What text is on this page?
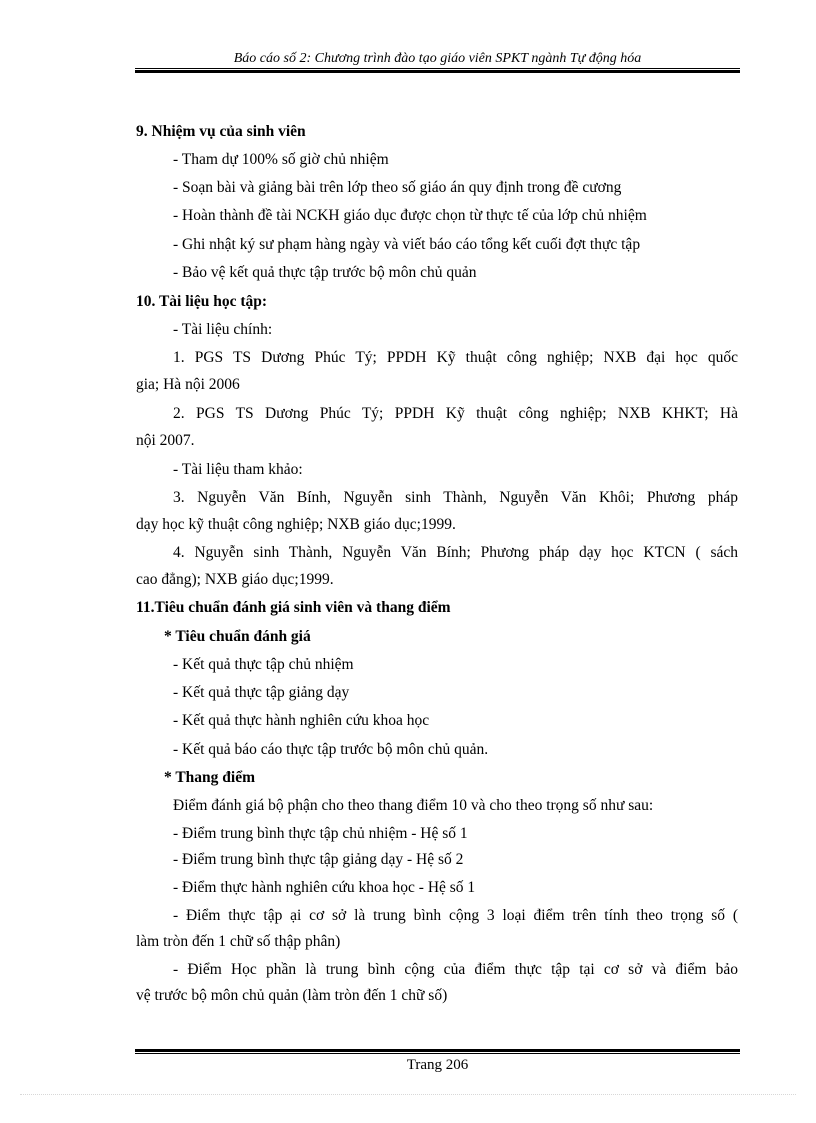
Báo cáo số 2: Chương trình đào tạo giáo viên SPKT ngành Tự động hóa
9. Nhiệm vụ của sinh viên
- Tham dự 100% số giờ chủ nhiệm
- Soạn bài và giảng bài trên lớp theo số giáo án quy định trong đề cương
- Hoàn thành đề tài NCKH giáo dục được chọn từ thực tế của lớp chủ nhiệm
- Ghi nhật ký sư phạm hàng ngày và viết báo cáo tổng kết cuối đợt thực tập
- Bảo vệ kết quả thực tập trước bộ môn chủ quản
10. Tài liệu học tập:
- Tài liệu chính:
1. PGS TS Dương Phúc Tý; PPDH Kỹ thuật công nghiệp; NXB đại học quốc
gia; Hà nội 2006
2. PGS TS Dương Phúc Tý; PPDH Kỹ thuật công nghiệp; NXB KHKT; Hà
nội 2007.
- Tài liệu tham khảo:
3. Nguyễn Văn Bính, Nguyễn sinh Thành, Nguyễn Văn Khôi; Phương pháp
dạy học kỹ thuật công nghiệp; NXB giáo dục;1999.
4. Nguyễn sinh Thành, Nguyễn Văn Bính; Phương pháp dạy học KTCN ( sách
cao đẳng); NXB giáo dục;1999.
11.Tiêu chuẩn đánh giá sinh viên và thang điểm
* Tiêu chuẩn đánh giá
- Kết quả thực tập chủ nhiệm
- Kết quả thực tập giảng dạy
- Kết quả thực hành nghiên cứu khoa học
- Kết quả báo cáo thực tập trước bộ môn chủ quản.
* Thang điểm
Điểm đánh giá bộ phận cho theo thang điểm 10 và cho theo trọng số như sau:
- Điểm trung bình thực tập chủ nhiệm - Hệ số 1
- Điểm trung bình thực tập giảng dạy - Hệ số 2
- Điểm thực hành nghiên cứu khoa học - Hệ số 1
- Điểm thực tập ại cơ sở là trung bình cộng 3 loại điểm trên tính theo trọng số (
làm tròn đến 1 chữ số thập phân)
- Điểm Học phần là trung bình cộng của điểm thực tập tại cơ sở và điểm bảo
vệ trước bộ môn chủ quản (làm tròn đến 1 chữ số)
Trang 206
